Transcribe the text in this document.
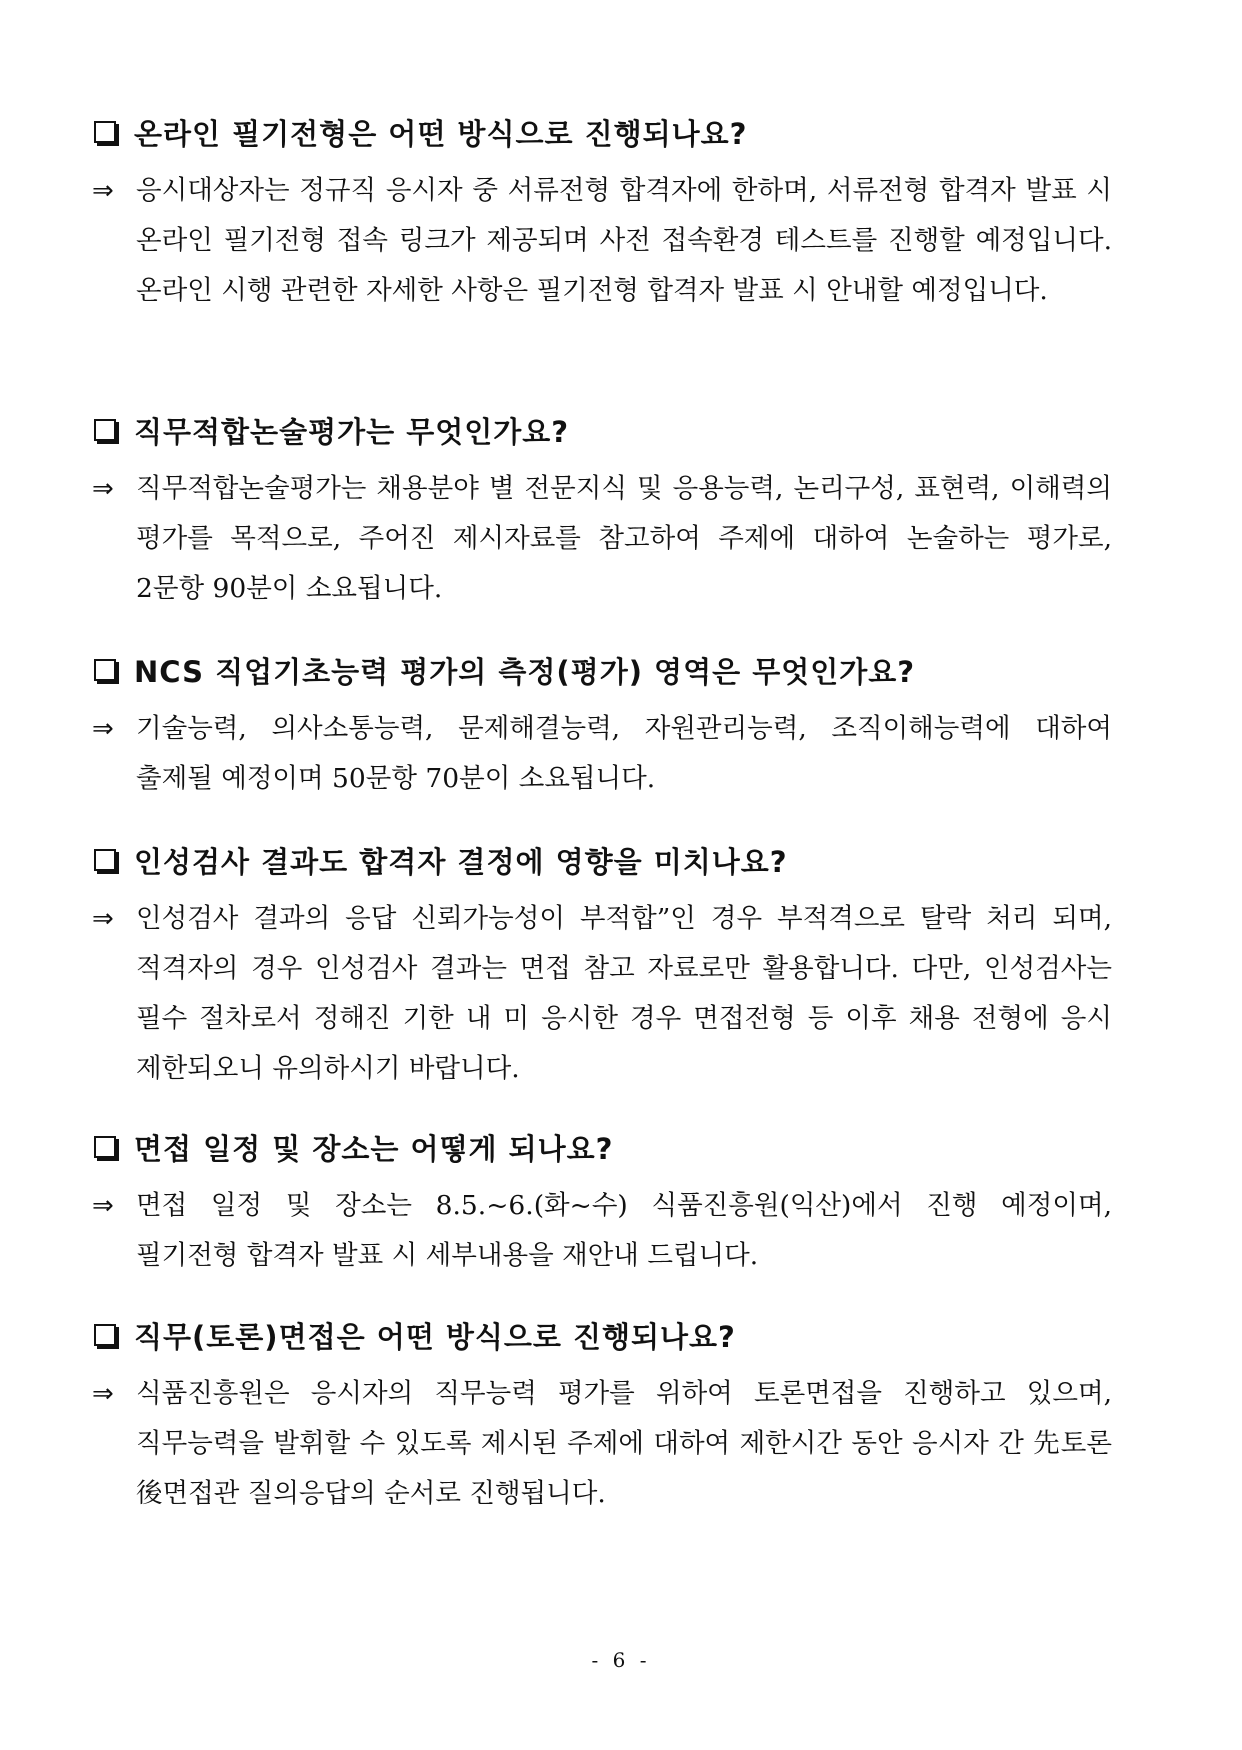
온라인 필기전형은 어떤 방식으로 진행되나요?
⇒ 응시대상자는 정규직 응시자 중 서류전형 합격자에 한하며, 서류전형 합격자 발표 시 온라인 필기전형 접속 링크가 제공되며 사전 접속환경 테스트를 진행할 예정입니다. 온라인 시행 관련한 자세한 사항은 필기전형 합격자 발표 시 안내할 예정입니다.
직무적합논술평가는 무엇인가요?
⇒ 직무적합논술평가는 채용분야 별 전문지식 및 응용능력, 논리구성, 표현력, 이해력의 평가를 목적으로, 주어진 제시자료를 참고하여 주제에 대하여 논술하는 평가로, 2문항 90분이 소요됩니다.
NCS 직업기초능력 평가의 측정(평가) 영역은 무엇인가요?
⇒ 기술능력, 의사소통능력, 문제해결능력, 자원관리능력, 조직이해능력에 대하여 출제될 예정이며 50문항 70분이 소요됩니다.
인성검사 결과도 합격자 결정에 영향을 미치나요?
⇒ 인성검사 결과의 응답 신뢰가능성이 부적합”인 경우 부적격으로 탈락 처리 되며, 적격자의 경우 인성검사 결과는 면접 참고 자료로만 활용합니다. 다만, 인성검사는 필수 절차로서 정해진 기한 내 미 응시한 경우 면접전형 등 이후 채용 전형에 응시 제한되오니 유의하시기 바랍니다.
면접 일정 및 장소는 어떻게 되나요?
⇒ 면접 일정 및 장소는 8.5.~6.(화~수) 식품진흥원(익산)에서 진행 예정이며, 필기전형 합격자 발표 시 세부내용을 재안내 드립니다.
직무(토론)면접은 어떤 방식으로 진행되나요?
⇒ 식품진흥원은 응시자의 직무능력 평가를 위하여 토론면접을 진행하고 있으며, 직무능력을 발휘할 수 있도록 제시된 주제에 대하여 제한시간 동안 응시자 간 先토론 後면접관 질의응답의 순서로 진행됩니다.
- 6 -
